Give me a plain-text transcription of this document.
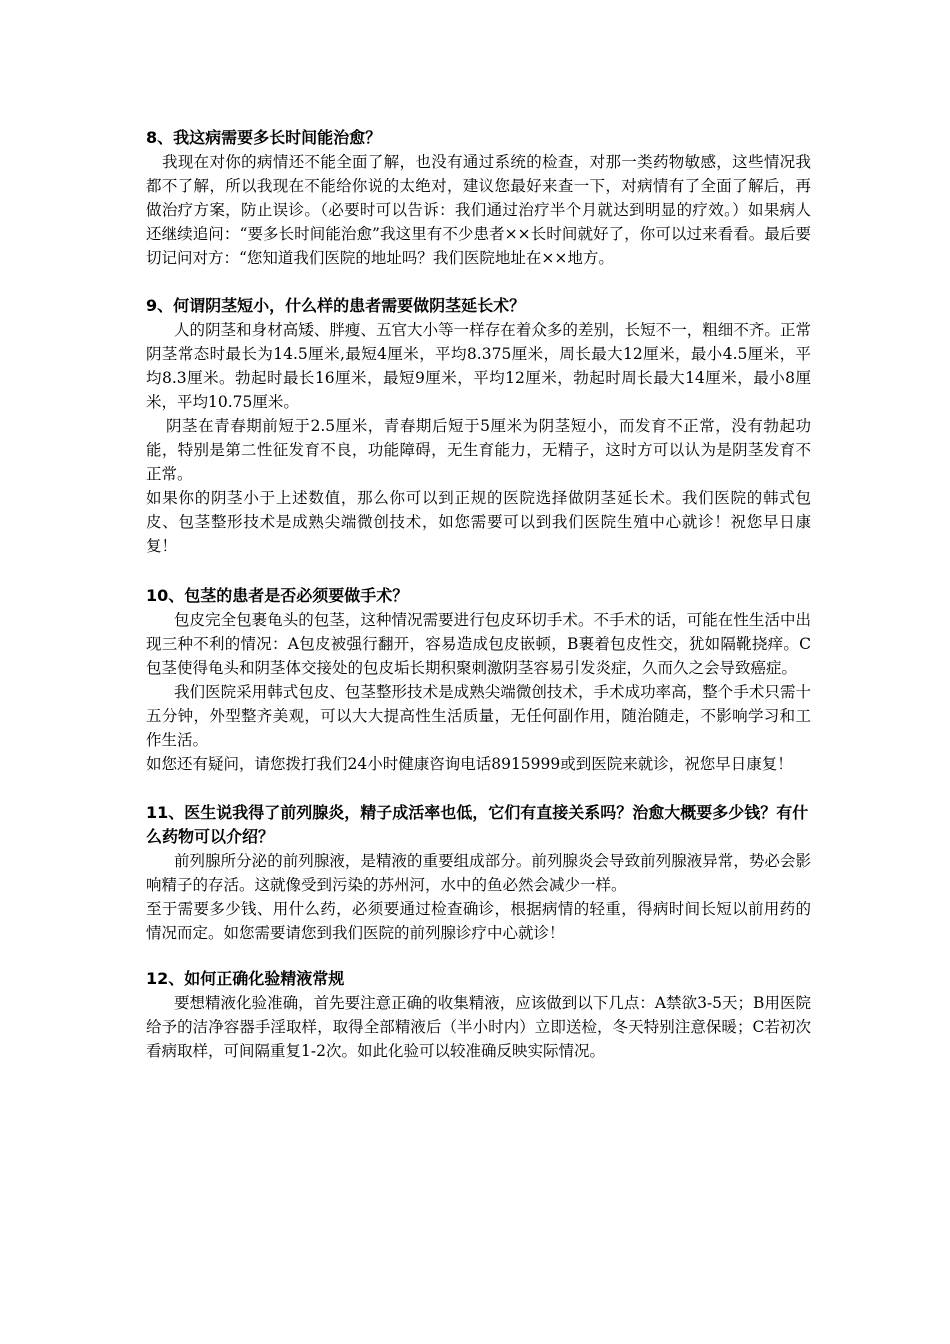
8、我这病需要多长时间能治愈？

我现在对你的病情还不能全面了解，也没有通过系统的检查，对那一类药物敏感，这些情况我都不了解，所以我现在不能给你说的太绝对，建议您最好来查一下，对病情有了全面了解后，再做治疗方案，防止误诊。（必要时可以告诉：我们通过治疗半个月就达到明显的疗效。）如果病人还继续追问：“要多长时间能治愈”我这里有不少患者××长时间就好了，你可以过来看看。最后要切记问对方：“您知道我们医院的地址吗？我们医院地址在××地方。

9、何谓阴茎短小，什么样的患者需要做阴茎延长术？

人的阴茎和身材高矮、胖瘦、五官大小等一样存在着众多的差别，长短不一，粗细不齐。正常阴茎常态时最长为14.5厘米,最短4厘米，平均8.375厘米，周长最大12厘米，最小4.5厘米，平均8.3厘米。勃起时最长16厘米，最短9厘米，平均12厘米，勃起时周长最大14厘米，最小8厘米，平均10.75厘米。

阴茎在青春期前短于2.5厘米，青春期后短于5厘米为阴茎短小，而发育不正常，没有勃起功能，特别是第二性征发育不良，功能障碍，无生育能力，无精子，这时方可以认为是阴茎发育不正常。

如果你的阴茎小于上述数值，那么你可以到正规的医院选择做阴茎延长术。我们医院的韩式包皮、包茎整形技术是成熟尖端微创技术，如您需要可以到我们医院生殖中心就诊！祝您早日康复！

10、包茎的患者是否必须要做手术？

包皮完全包裹龟头的包茎，这种情况需要进行包皮环切手术。不手术的话，可能在性生活中出现三种不利的情况：A包皮被强行翻开，容易造成包皮嵌顿，B裹着包皮性交，犹如隔靴挠痒。C包茎使得龟头和阴茎体交接处的包皮垢长期积聚刺激阴茎容易引发炎症，久而久之会导致癌症。

我们医院采用韩式包皮、包茎整形技术是成熟尖端微创技术，手术成功率高，整个手术只需十五分钟，外型整齐美观，可以大大提高性生活质量，无任何副作用，随治随走，不影响学习和工作生活。

如您还有疑问，请您拨打我们24小时健康咨询电话8915999或到医院来就诊，祝您早日康复！

11、医生说我得了前列腺炎，精子成活率也低，它们有直接关系吗？治愈大概要多少钱？有什么药物可以介绍？

前列腺所分泌的前列腺液，是精液的重要组成部分。前列腺炎会导致前列腺液异常，势必会影响精子的存活。这就像受到污染的苏州河，水中的鱼必然会减少一样。

至于需要多少钱、用什么药，必须要通过检查确诊，根据病情的轻重，得病时间长短以前用药的情况而定。如您需要请您到我们医院的前列腺诊疗中心就诊！

12、如何正确化验精液常规

要想精液化验准确，首先要注意正确的收集精液，应该做到以下几点：A禁欲3-5天；B用医院给予的洁净容器手淫取样，取得全部精液后（半小时内）立即送检，冬天特别注意保暖；C若初次看病取样，可间隔重复1-2次。如此化验可以较准确反映实际情况。
